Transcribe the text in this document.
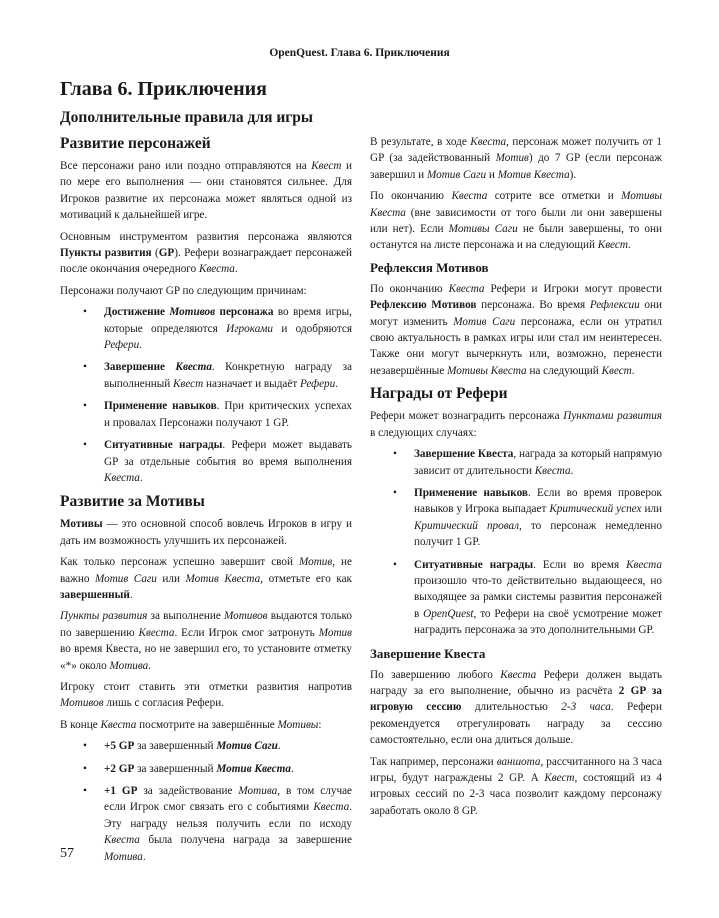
OpenQuest. Глава 6. Приключения
Глава 6. Приключения
Дополнительные правила для игры
Развитие персонажей

Все персонажи рано или поздно отправляются на Квест и по мере его выполнения — они становятся сильнее. Для Игроков развитие их персонажа может являться одной из мотиваций к дальнейшей игре.

Основным инструментом развития персонажа являются Пункты развития (GP). Рефери вознаграждает персонажей после окончания очередного Квеста.

Персонажи получают GP по следующим причинам:

• Достижение Мотивов персонажа во время игры, которые определяются Игроками и одобряются Рефери.
• Завершение Квеста. Конкретную награду за выполненный Квест назначает и выдаёт Рефери.
• Применение навыков. При критических успехах и провалах Персонажи получают 1 GP.
• Ситуативные награды. Рефери может выдавать GP за отдельные события во время выполнения Квеста.
Развитие за Мотивы

Мотивы — это основной способ вовлечь Игроков в игру и дать им возможность улучшить их персонажей.

Как только персонаж успешно завершит свой Мотив, не важно Мотив Саги или Мотив Квеста, отметьте его как завершенный.

Пункты развития за выполнение Мотивов выдаются только по завершению Квеста. Если Игрок смог затронуть Мотив во время Квеста, но не завершил его, то установите отметку «*» около Мотива.

Игроку стоит ставить эти отметки развития напротив Мотивов лишь с согласия Рефери.

В конце Квеста посмотрите на завершённые Мотивы:

• +5 GP за завершенный Мотив Саги.
• +2 GP за завершенный Мотив Квеста.
• +1 GP за задействование Мотива, в том случае если Игрок смог связать его с событиями Квеста. Эту награду нельзя получить если по исходу Квеста была получена награда за завершение Мотива.

В результате, в ходе Квеста, персонаж может получить от 1 GP (за задействованный Мотив) до 7 GP (если персонаж завершил и Мотив Саги и Мотив Квеста).

По окончанию Квеста сотрите все отметки и Мотивы Квеста (вне зависимости от того были ли они завершены или нет). Если Мотивы Саги не были завершены, то они останутся на листе персонажа и на следующий Квест.

Рефлексия Мотивов

По окончанию Квеста Рефери и Игроки могут провести Рефлексию Мотивов персонажа. Во время Рефлексии они могут изменить Мотив Саги персонажа, если он утратил свою актуальность в рамках игры или стал им неинтересен. Также они могут вычеркнуть или, возможно, перенести незавершённые Мотивы Квеста на следующий Квест.

Награды от Рефери

Рефери может вознаградить персонажа Пунктами развития в следующих случаях:

• Завершение Квеста, награда за который напрямую зависит от длительности Квеста.
• Применение навыков. Если во время проверок навыков у Игрока выпадает Критический успех или Критический провал, то персонаж немедленно получит 1 GP.
• Ситуативные награды. Если во время Квеста произошло что-то действительно выдающееся, но выходящее за рамки системы развития персонажей в OpenQuest, то Рефери на своё усмотрение может наградить персонажа за это дополнительными GP.
Завершение Квеста

По завершению любого Квеста Рефери должен выдать награду за его выполнение, обычно из расчёта 2 GP за игровую сессию длительностью 2-3 часа. Рефери рекомендуется отрегулировать награду за сессию самостоятельно, если она длиться дольше.

Так например, персонажи ваншота, рассчитанного на 3 часа игры, будут награждены 2 GP. А Квест, состоящий из 4 игровых сессий по 2-3 часа позволит каждому персонажу заработать около 8 GP.

57
